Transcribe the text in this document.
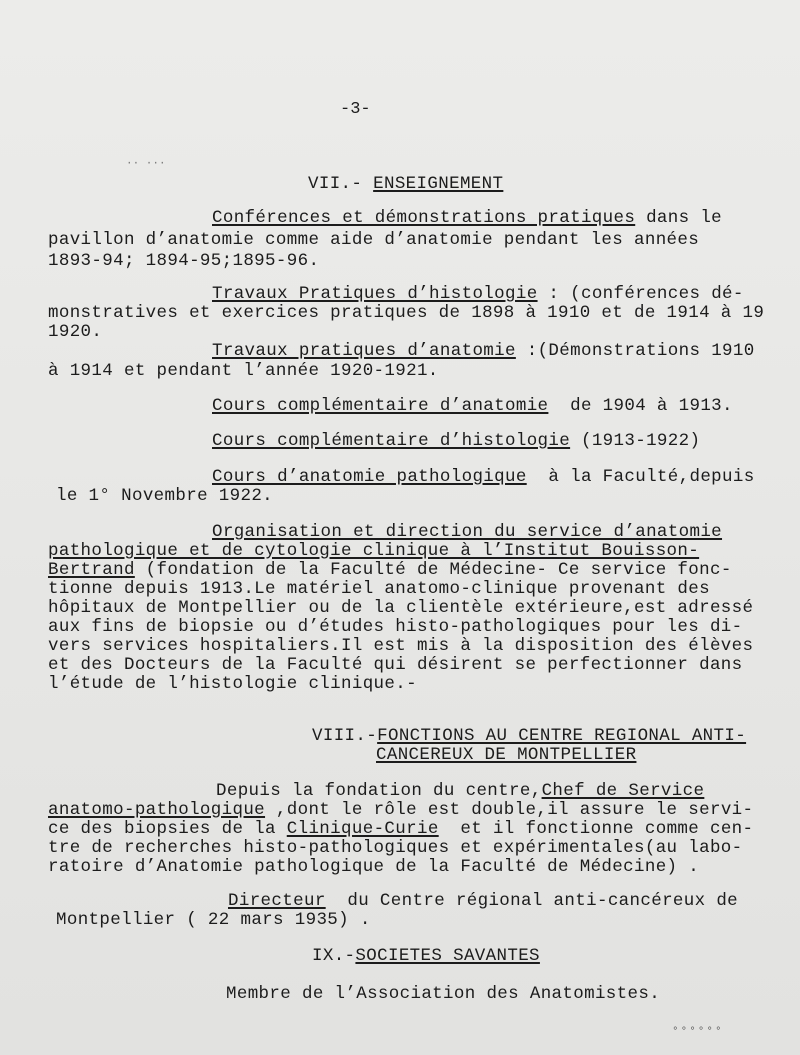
-3-
·· ···
VII.- ENSEIGNEMENT
Conférences et démonstrations pratiques dans le
pavillon d’anatomie comme aide d’anatomie pendant les années
1893-94; 1894-95;1895-96.
Travaux Pratiques d’histologie : (conférences dé-
monstratives et exercices pratiques de 1898 à 1910 et de 1914 à 19
1920.
Travaux pratiques d’anatomie :(Démonstrations 1910
à 1914 et pendant l’année 1920-1921.
Cours complémentaire d’anatomie  de 1904 à 1913.
Cours complémentaire d’histologie (1913-1922)
Cours d’anatomie pathologique  à la Faculté,depuis
le 1° Novembre 1922.
Organisation et direction du service d’anatomie
pathologique et de cytologie clinique à l’Institut Bouisson-
Bertrand (fondation de la Faculté de Médecine- Ce service fonc-
tionne depuis 1913.Le matériel anatomo-clinique provenant des
hôpitaux de Montpellier ou de la clientèle extérieure,est adressé
aux fins de biopsie ou d’études histo-pathologiques pour les di-
vers services hospitaliers.Il est mis à la disposition des élèves
et des Docteurs de la Faculté qui désirent se perfectionner dans
l’étude de l’histologie clinique.-
VIII.-FONCTIONS AU CENTRE REGIONAL ANTI-
CANCEREUX DE MONTPELLIER
Depuis la fondation du centre,Chef de Service
anatomo-pathologique ,dont le rôle est double,il assure le servi-
ce des biopsies de la Clinique-Curie  et il fonctionne comme cen-
tre de recherches histo-pathologiques et expérimentales(au labo-
ratoire d’Anatomie pathologique de la Faculté de Médecine) .
Directeur  du Centre régional anti-cancéreux de
Montpellier ( 22 mars 1935) .
IX.-SOCIETES SAVANTES
Membre de l’Association des Anatomistes.
°°°°°°
